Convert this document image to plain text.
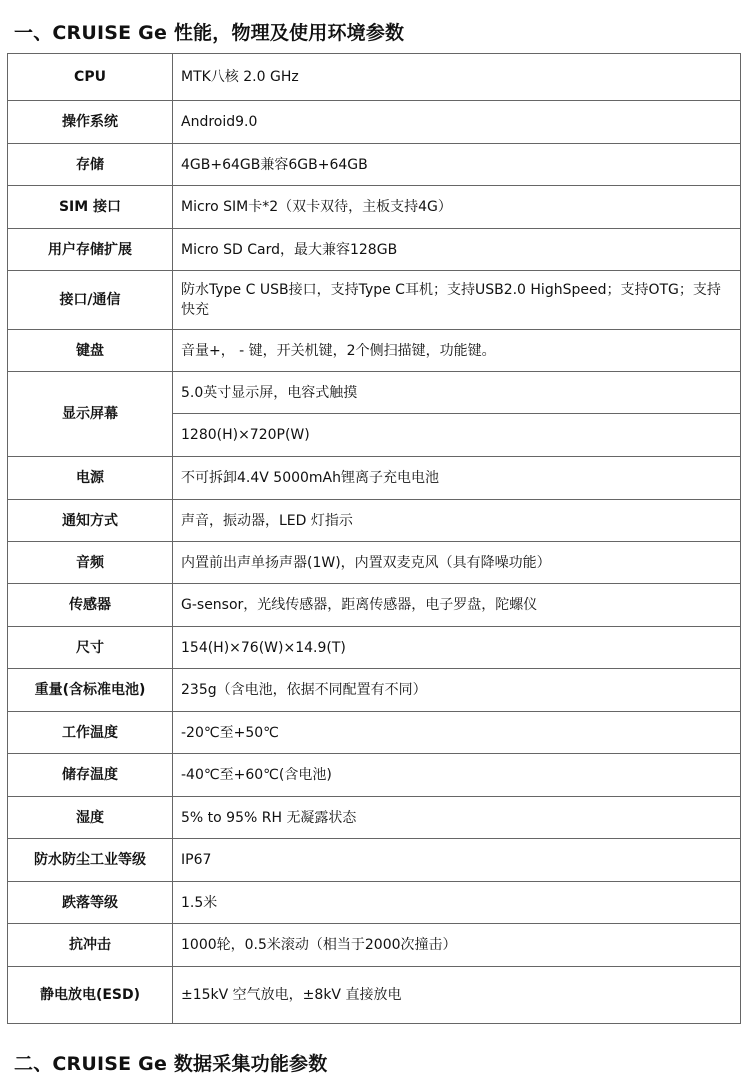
一、CRUISE Ge 性能，物理及使用环境参数
CPU	MTK八核 2.0 GHz
操作系统	Android9.0
存储	4GB+64GB兼容6GB+64GB
SIM 接口	Micro SIM卡*2（双卡双待，主板支持4G）
用户存储扩展	Micro SD Card，最大兼容128GB
接口/通信	防水Type C USB接口，支持Type C耳机；支持USB2.0 HighSpeed；支持OTG；支持快充
键盘	音量+， - 键，开关机键，2个侧扫描键，功能键。
显示屏幕	5.0英寸显示屏，电容式触摸
	1280(H)×720P(W)
电源	不可拆卸4.4V 5000mAh锂离子充电电池
通知方式	声音，振动器，LED 灯指示
音频	内置前出声单扬声器(1W)，内置双麦克风（具有降噪功能）
传感器	G-sensor，光线传感器，距离传感器，电子罗盘，陀螺仪
尺寸	154(H)×76(W)×14.9(T)
重量(含标准电池)	235g（含电池，依据不同配置有不同）
工作温度	-20℃至+50℃
储存温度	-40℃至+60℃(含电池)
湿度	5% to 95% RH 无凝露状态
防水防尘工业等级	IP67
跌落等级	1.5米
抗冲击	1000轮，0.5米滚动（相当于2000次撞击）
静电放电(ESD)	±15kV 空气放电，±8kV 直接放电
二、CRUISE Ge 数据采集功能参数
